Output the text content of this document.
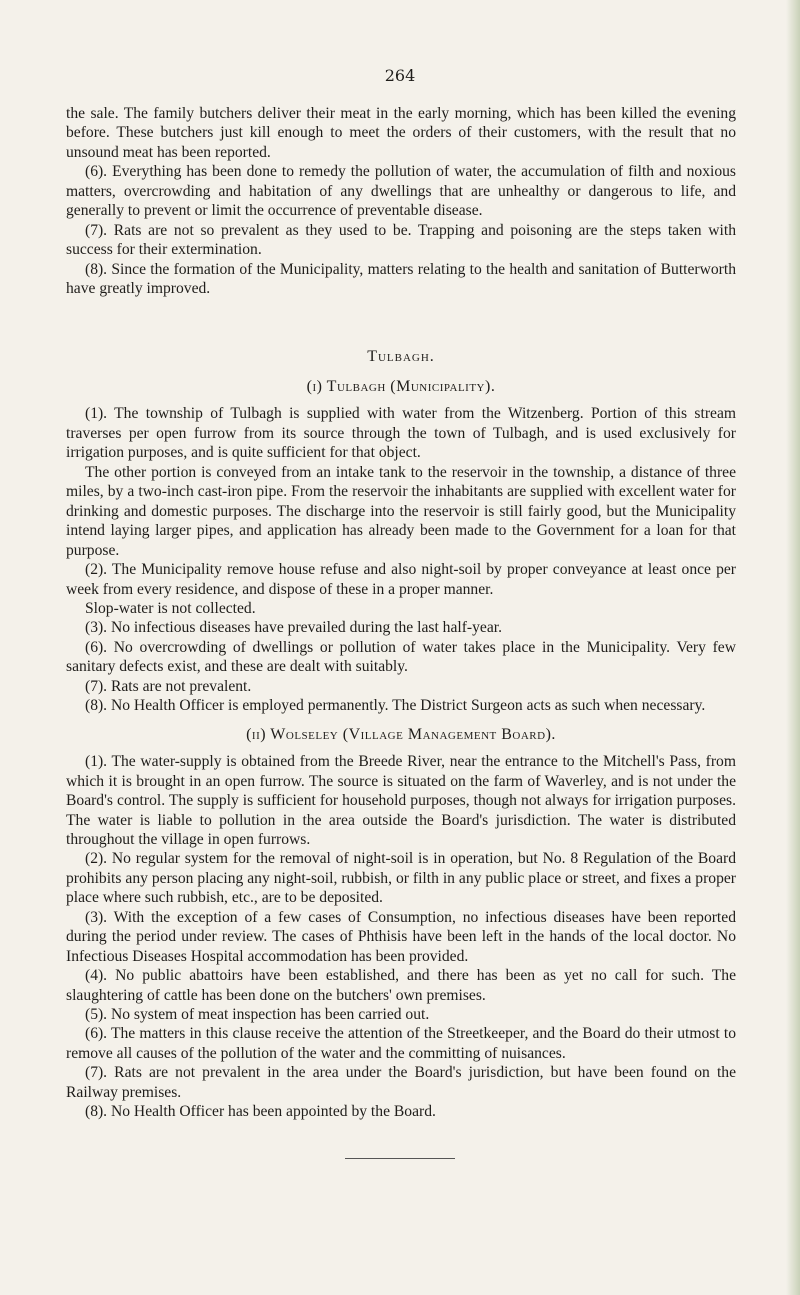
264

the sale. The family butchers deliver their meat in the early morning, which has been killed the evening before. These butchers just kill enough to meet the orders of their customers, with the result that no unsound meat has been reported.

(6). Everything has been done to remedy the pollution of water, the accumulation of filth and noxious matters, overcrowding and habitation of any dwellings that are unhealthy or dangerous to life, and generally to prevent or limit the occurrence of preventable disease.

(7). Rats are not so prevalent as they used to be. Trapping and poisoning are the steps taken with success for their extermination.

(8). Since the formation of the Municipality, matters relating to the health and sanitation of Butterworth have greatly improved.

Tulbagh.
(i) Tulbagh (Municipality).

(1). The township of Tulbagh is supplied with water from the Witzenberg. Portion of this stream traverses per open furrow from its source through the town of Tulbagh, and is used exclusively for irrigation purposes, and is quite sufficient for that object.

The other portion is conveyed from an intake tank to the reservoir in the township, a distance of three miles, by a two-inch cast-iron pipe. From the reservoir the inhabitants are supplied with excellent water for drinking and domestic purposes. The discharge into the reservoir is still fairly good, but the Municipality intend laying larger pipes, and application has already been made to the Government for a loan for that purpose.

(2). The Municipality remove house refuse and also night-soil by proper conveyance at least once per week from every residence, and dispose of these in a proper manner.

Slop-water is not collected.

(3). No infectious diseases have prevailed during the last half-year.

(6). No overcrowding of dwellings or pollution of water takes place in the Municipality. Very few sanitary defects exist, and these are dealt with suitably.

(7). Rats are not prevalent.

(8). No Health Officer is employed permanently. The District Surgeon acts as such when necessary.

(ii) Wolseley (Village Management Board).

(1). The water-supply is obtained from the Breede River, near the entrance to the Mitchell's Pass, from which it is brought in an open furrow. The source is situated on the farm of Waverley, and is not under the Board's control. The supply is sufficient for household purposes, though not always for irrigation purposes. The water is liable to pollution in the area outside the Board's jurisdiction. The water is distributed throughout the village in open furrows.

(2). No regular system for the removal of night-soil is in operation, but No. 8 Regulation of the Board prohibits any person placing any night-soil, rubbish, or filth in any public place or street, and fixes a proper place where such rubbish, etc., are to be deposited.

(3). With the exception of a few cases of Consumption, no infectious diseases have been reported during the period under review. The cases of Phthisis have been left in the hands of the local doctor. No Infectious Diseases Hospital accommodation has been provided.

(4). No public abattoirs have been established, and there has been as yet no call for such. The slaughtering of cattle has been done on the butchers' own premises.

(5). No system of meat inspection has been carried out.

(6). The matters in this clause receive the attention of the Streetkeeper, and the Board do their utmost to remove all causes of the pollution of the water and the committing of nuisances.

(7). Rats are not prevalent in the area under the Board's jurisdiction, but have been found on the Railway premises.

(8). No Health Officer has been appointed by the Board.
